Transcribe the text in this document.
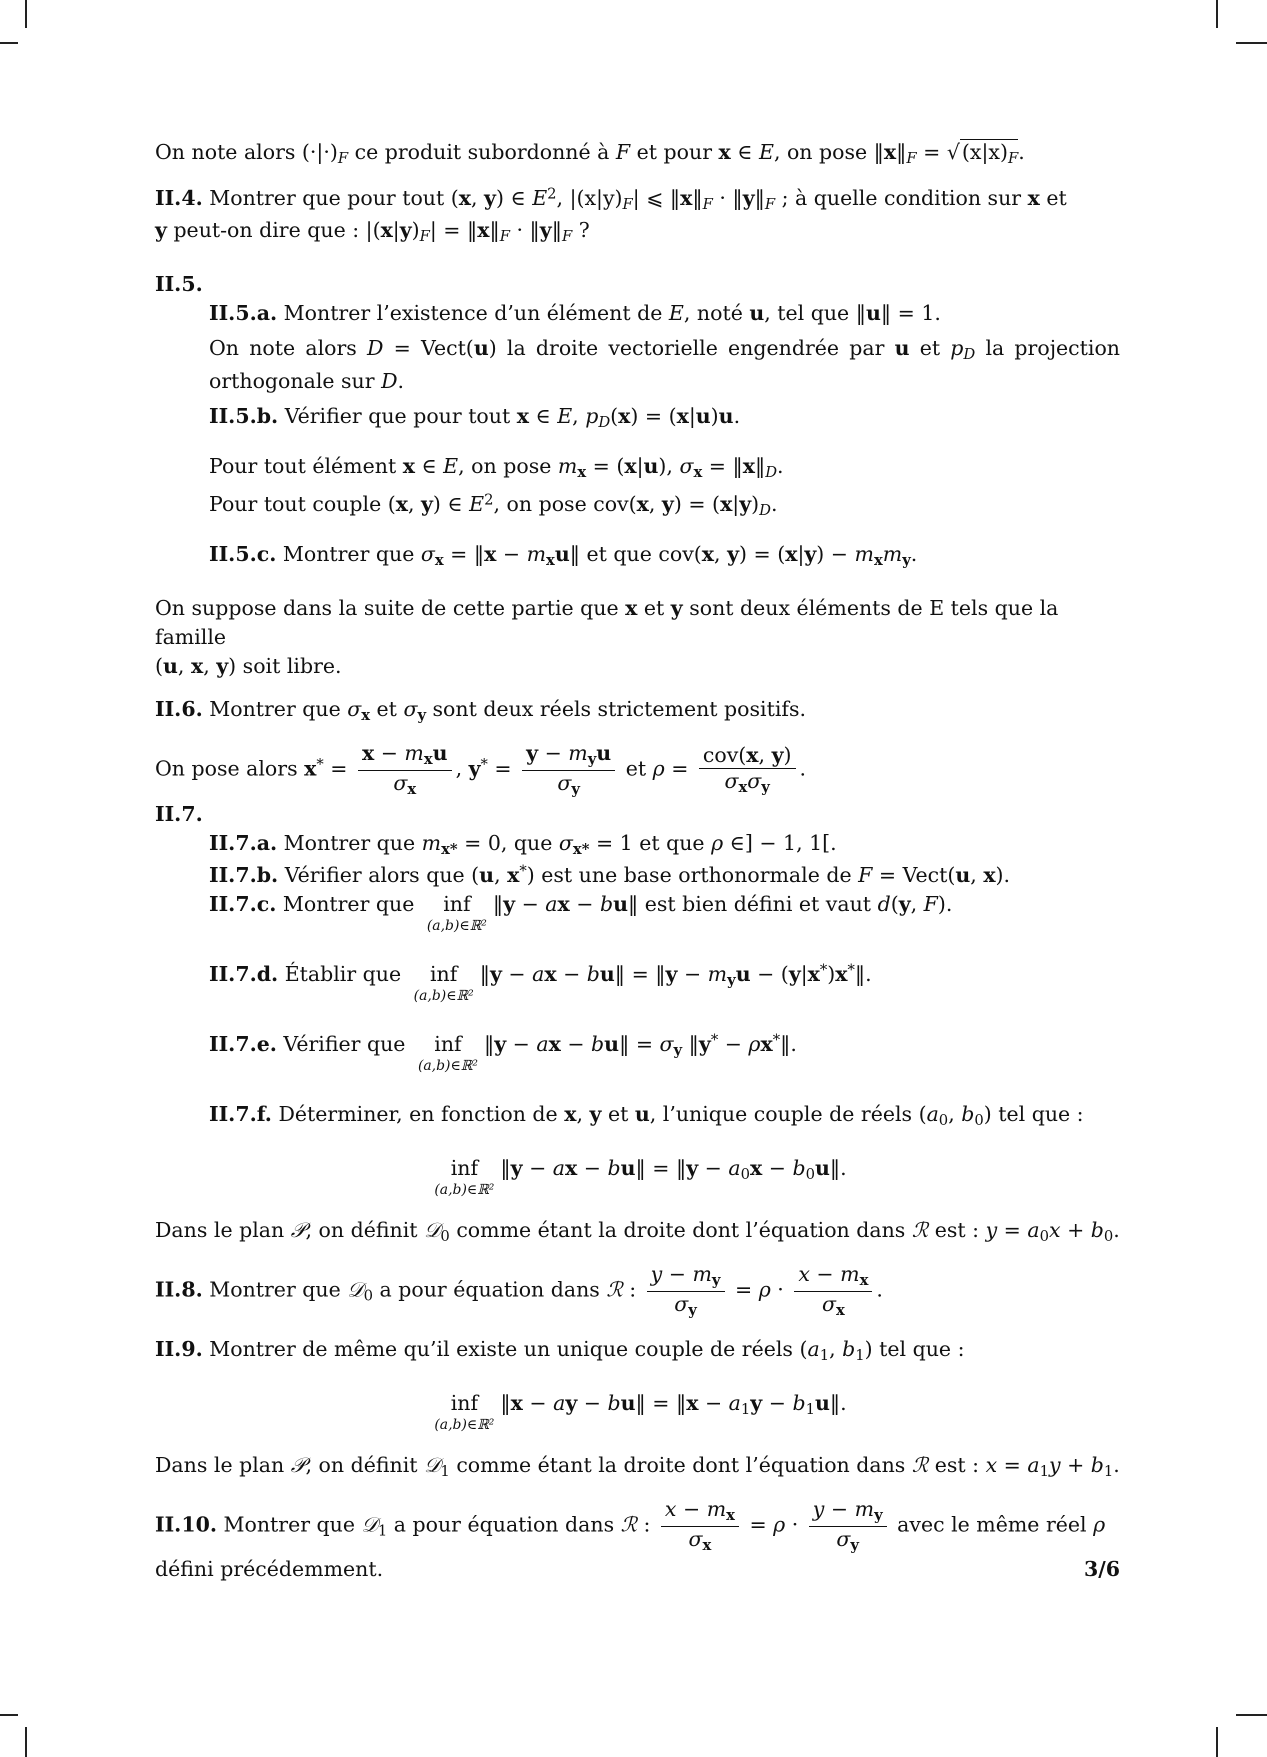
On note alors $(\cdot|\cdot)_F$ ce produit subordonné à F et pour x ∈ E, on pose $‖x‖_F = √(x|x)_F$.

II.4. Montrer que pour tout (x, y) ∈ $E^2$, $|(x|y)_F|$ ⩽ $‖x‖_F$ · $‖y‖_F$ ; à quelle condition sur x et
y peut-on dire que : $|(x|y)_F|$ = $‖x‖_F$ · $‖y‖_F$ ?

II.5.

II.5.a. Montrer l’existence d’un élément de E, noté u, tel que ‖u‖ = 1.

On note alors D = Vect(u) la droite vectorielle engendrée par u et $p_D$ la projection orthogonale sur D.

II.5.b. Vérifier que pour tout x ∈ E, $p_D(x) = (x|u)u$.

Pour tout élément x ∈ E, on pose $m_x = (x|u)$, $\sigma_x$ = $‖x‖_D$.

Pour tout couple (x, y) ∈ $E^2$, on pose cov(x, $y) = (x|y)_D$.

II.5.c. Montrer que $\sigma_x$ = ‖x − $m_xu‖$ et que cov(x, $y) = (x|y) - m_xm_y$.

On suppose dans la suite de cette partie que x et y sont deux éléments de E tels que la famille
(u, x, y) soit libre.

II.6. Montrer que $\sigma_x$ et $\sigma_y$ sont deux réels strictement positifs.

On pose alors $x^* = \frac{x - m_xu}{\sigma_x}$ , $y^* = \frac{y - m_yu}{\sigma_y}$ et $\rho = \frac{\text{cov(x, y)}}{\sigma_x\sigma_y}$ .

II.7.

II.7.a. Montrer que $m_{x*} = 0$, que $\sigma_{x*} = 1$ et que ρ ∈] − 1, 1[.

II.7.b. Vérifier alors que (u, x*) est une base orthonormale de F = Vect(u, x).

II.7.c. Montrer que inf
(a,b)∈ℝ²
‖y − ax − bu‖ est bien défini et vaut d(y, F).

II.7.d. Établir que inf
(a,b)∈ℝ²
‖y − ax − bu‖ = ‖y − $m_yu$ − (y|x*)x*‖.

II.7.e. Vérifier que inf
(a,b)∈ℝ²
‖y − ax − bu‖ = $\sigma_y$ ‖y* − ρx*‖.

II.7.f. Déterminer, en fonction de x, y et u, l’unique couple de réels ($a_0$, $b_0$) tel que :

inf
(a,b)∈ℝ²
‖y − ax − bu‖ = ‖y − $a_0x$ − $b_0u‖$.

Dans le plan 𝒫, on définit 𝒟$_0$ comme étant la droite dont l’équation dans ℛ est : $y = a_0x + b_0$.

II.8. Montrer que 𝒟$_0$ a pour équation dans ℛ : $\frac{y - m_y}{\sigma_y} = \rho \cdot \frac{x - m_x}{\sigma_x}$ .

II.9. Montrer de même qu’il existe un unique couple de réels ($a_1$, $b_1$) tel que :

inf
(a,b)∈ℝ²
‖x − ay − bu‖ = ‖x − $a_1y$ − $b_1u‖$.

Dans le plan 𝒫, on définit 𝒟$_1$ comme étant la droite dont l’équation dans ℛ est : $x = a_1y + b_1$.

II.10. Montrer que 𝒟$_1$ a pour équation dans ℛ : $\frac{x - m_x}{\sigma_x} = \rho \cdot \frac{y - m_y}{\sigma_y}$ avec le même réel ρ

défini précédemment.	3/6
